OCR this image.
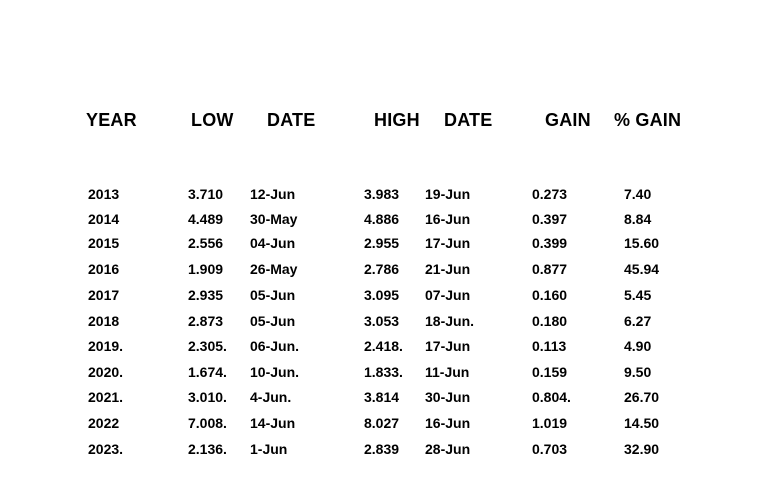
YEAR	LOW DATE	HIGH DATE	GAIN % GAIN
2013	3.710 12-Jun	3.983 19-Jun	0.273	7.40
2014	4.489 30-May	4.886 16-Jun	0.397	8.84
2015	2.556 04-Jun	2.955 17-Jun	0.399	15.60
2016	1.909 26-May	2.786 21-Jun	0.877	45.94
2017	2.935 05-Jun	3.095 07-Jun	0.160	5.45
2018	2.873 05-Jun	3.053 18-Jun.	0.180	6.27
2019.	2.305. 06-Jun.	2.418. 17-Jun	0.113	4.90
2020.	1.674. 10-Jun.	1.833. 11-Jun	0.159	9.50
2021.	3.010. 4-Jun.	3.814 30-Jun	0.804.	26.70
2022	7.008. 14-Jun	8.027 16-Jun	1.019	14.50
2023.	2.136. 1-Jun	2.839 28-Jun	0.703	32.90
